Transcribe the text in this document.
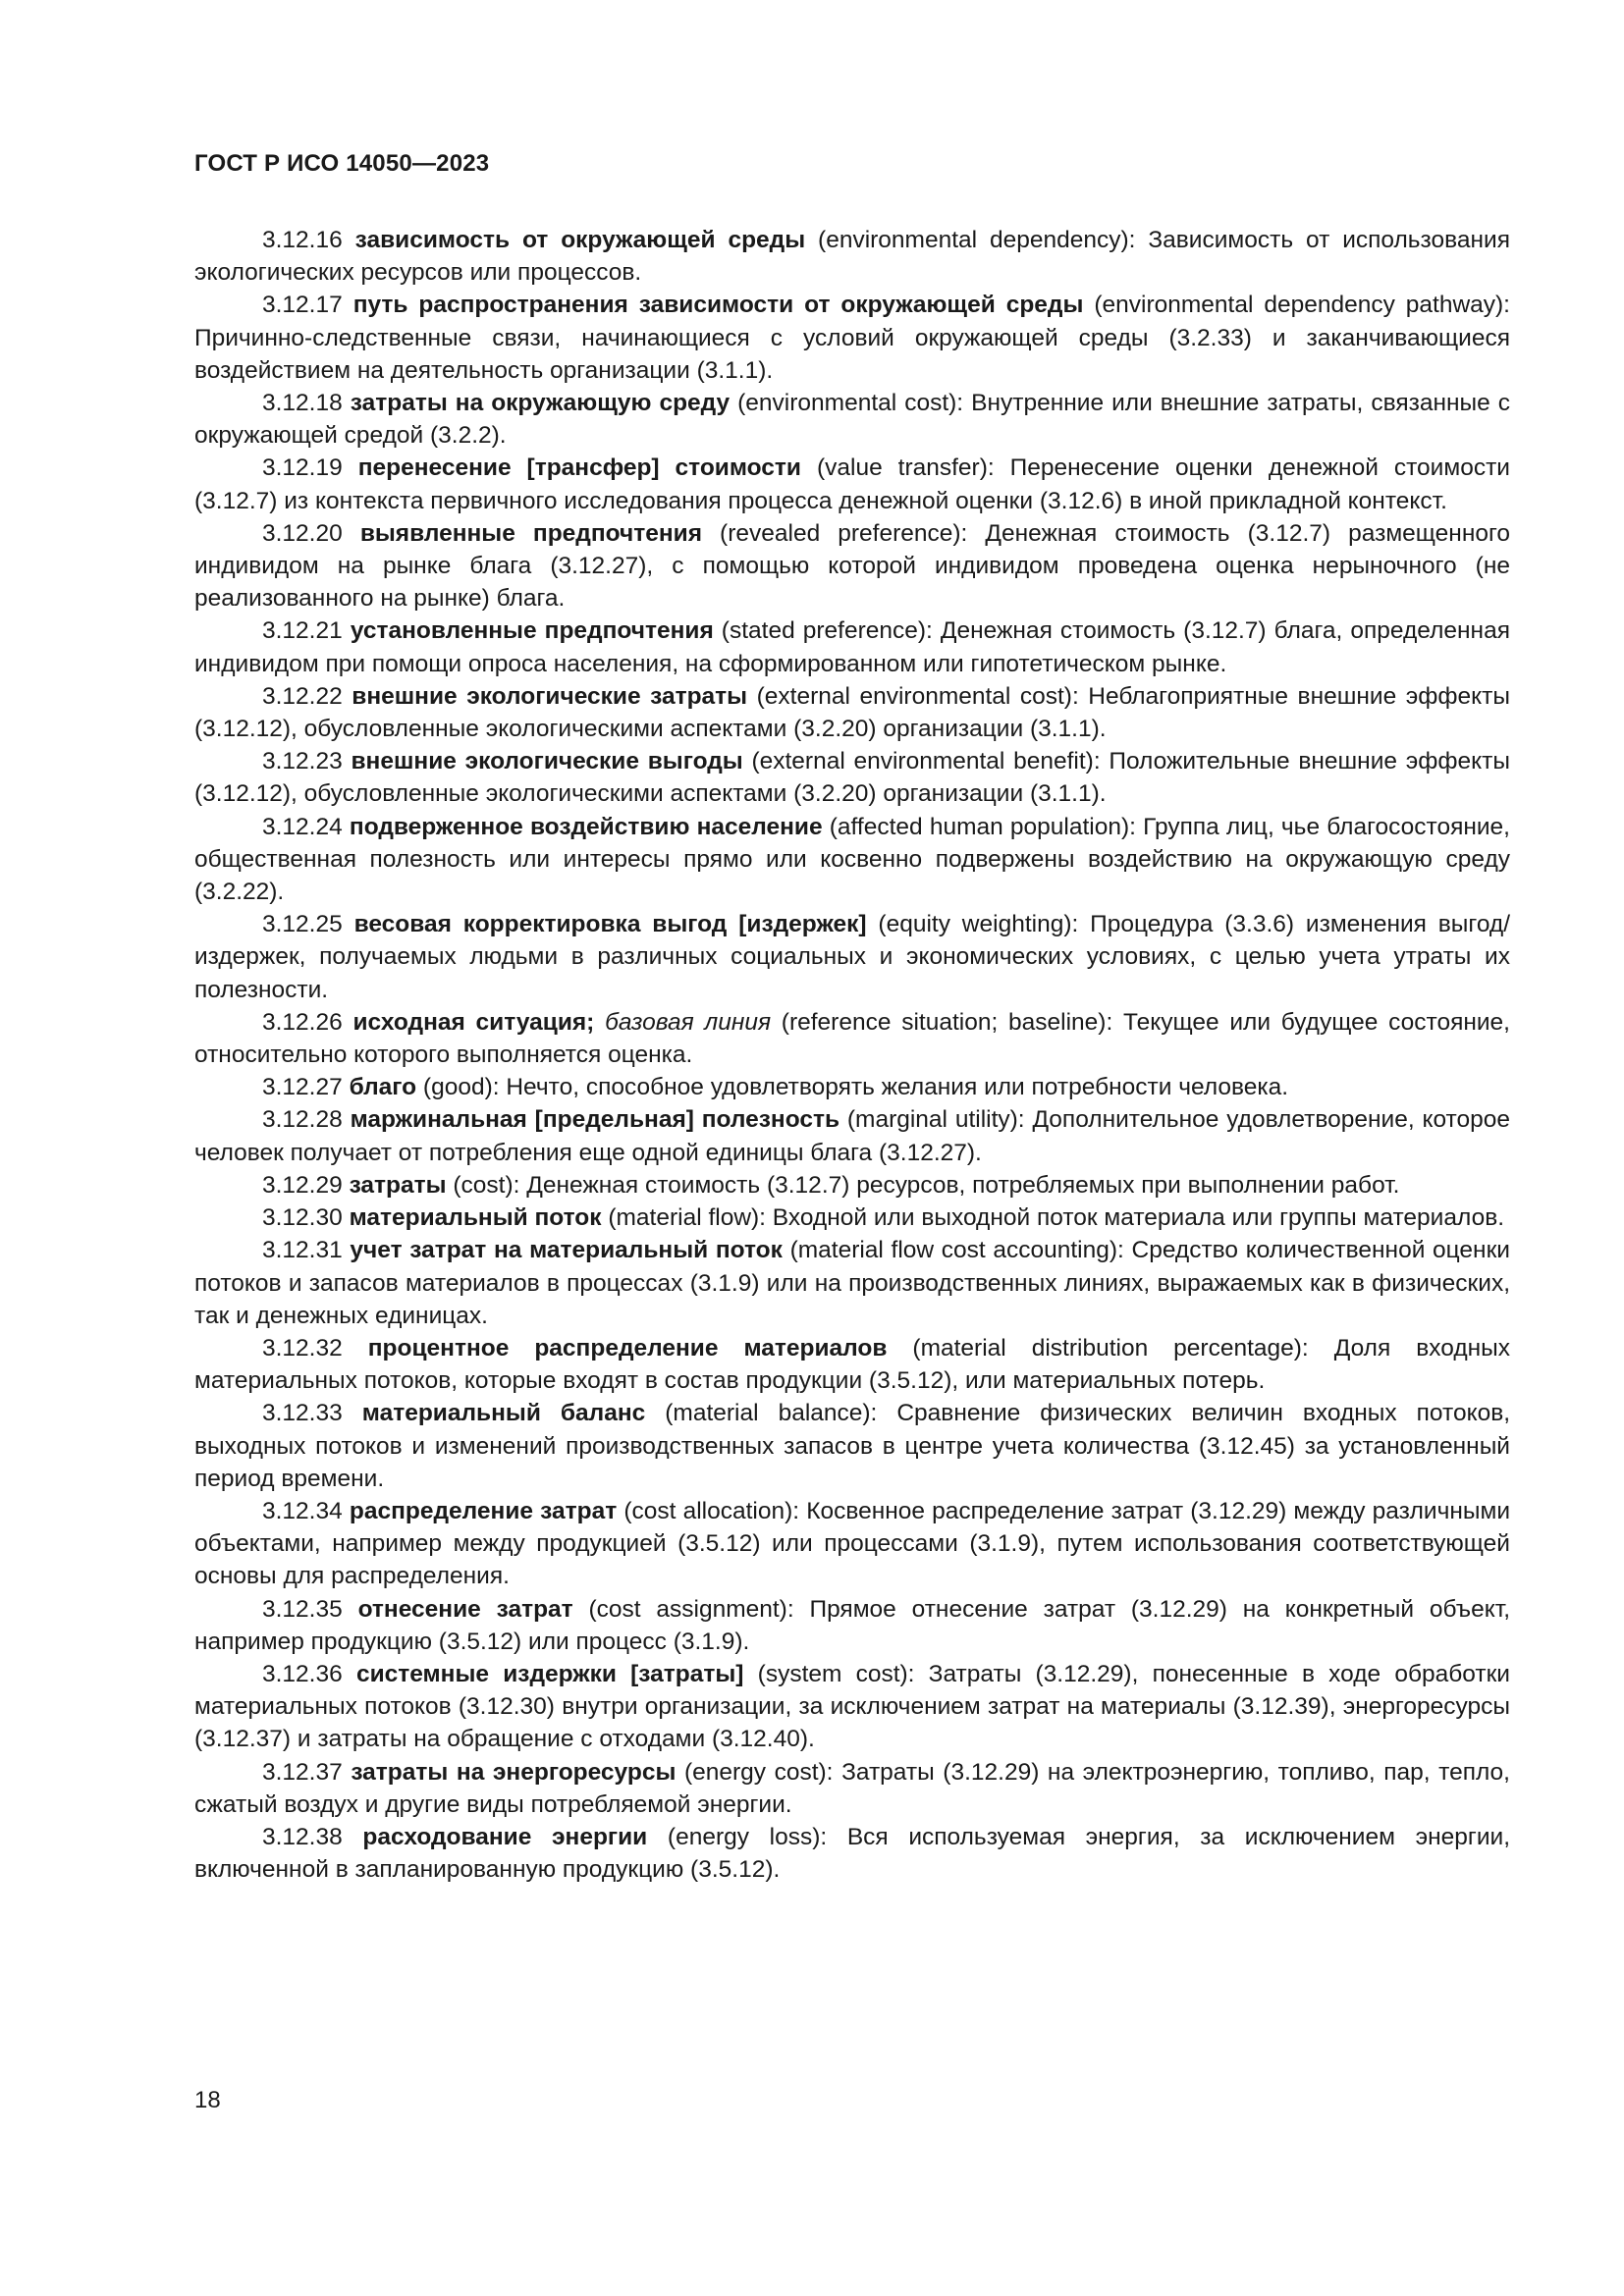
ГОСТ Р ИСО 14050—2023

3.12.16 зависимость от окружающей среды (environmental dependency): Зависимость от использования экологических ресурсов или процессов.

3.12.17 путь распространения зависимости от окружающей среды (environmental dependency pathway): Причинно-следственные связи, начинающиеся с условий окружающей среды (3.2.33) и заканчивающиеся воздействием на деятельность организации (3.1.1).

3.12.18 затраты на окружающую среду (environmental cost): Внутренние или внешние затраты, связанные с окружающей средой (3.2.2).

3.12.19 перенесение [трансфер] стоимости (value transfer): Перенесение оценки денежной стоимости (3.12.7) из контекста первичного исследования процесса денежной оценки (3.12.6) в иной прикладной контекст.

3.12.20 выявленные предпочтения (revealed preference): Денежная стоимость (3.12.7) размещенного индивидом на рынке блага (3.12.27), с помощью которой индивидом проведена оценка нерыночного (не реализованного на рынке) блага.

3.12.21 установленные предпочтения (stated preference): Денежная стоимость (3.12.7) блага, определенная индивидом при помощи опроса населения, на сформированном или гипотетическом рынке.

3.12.22 внешние экологические затраты (external environmental cost): Неблагоприятные внешние эффекты (3.12.12), обусловленные экологическими аспектами (3.2.20) организации (3.1.1).

3.12.23 внешние экологические выгоды (external environmental benefit): Положительные внешние эффекты (3.12.12), обусловленные экологическими аспектами (3.2.20) организации (3.1.1).

3.12.24 подверженное воздействию население (affected human population): Группа лиц, чье благосостояние, общественная полезность или интересы прямо или косвенно подвержены воздействию на окружающую среду (3.2.22).

3.12.25 весовая корректировка выгод [издержек] (equity weighting): Процедура (3.3.6) изменения выгод/издержек, получаемых людьми в различных социальных и экономических условиях, с целью учета утраты их полезности.

3.12.26 исходная ситуация; базовая линия (reference situation; baseline): Текущее или будущее состояние, относительно которого выполняется оценка.

3.12.27 благо (good): Нечто, способное удовлетворять желания или потребности человека.

3.12.28 маржинальная [предельная] полезность (marginal utility): Дополнительное удовлетворение, которое человек получает от потребления еще одной единицы блага (3.12.27).

3.12.29 затраты (cost): Денежная стоимость (3.12.7) ресурсов, потребляемых при выполнении работ.

3.12.30 материальный поток (material flow): Входной или выходной поток материала или группы материалов.

3.12.31 учет затрат на материальный поток (material flow cost accounting): Средство количественной оценки потоков и запасов материалов в процессах (3.1.9) или на производственных линиях, выражаемых как в физических, так и денежных единицах.

3.12.32 процентное распределение материалов (material distribution percentage): Доля входных материальных потоков, которые входят в состав продукции (3.5.12), или материальных потерь.

3.12.33 материальный баланс (material balance): Сравнение физических величин входных потоков, выходных потоков и изменений производственных запасов в центре учета количества (3.12.45) за установленный период времени.

3.12.34 распределение затрат (cost allocation): Косвенное распределение затрат (3.12.29) между различными объектами, например между продукцией (3.5.12) или процессами (3.1.9), путем использования соответствующей основы для распределения.

3.12.35 отнесение затрат (cost assignment): Прямое отнесение затрат (3.12.29) на конкретный объект, например продукцию (3.5.12) или процесс (3.1.9).

3.12.36 системные издержки [затраты] (system cost): Затраты (3.12.29), понесенные в ходе обработки материальных потоков (3.12.30) внутри организации, за исключением затрат на материалы (3.12.39), энергоресурсы (3.12.37) и затраты на обращение с отходами (3.12.40).

3.12.37 затраты на энергоресурсы (energy cost): Затраты (3.12.29) на электроэнергию, топливо, пар, тепло, сжатый воздух и другие виды потребляемой энергии.

3.12.38 расходование энергии (energy loss): Вся используемая энергия, за исключением энергии, включенной в запланированную продукцию (3.5.12).

18
